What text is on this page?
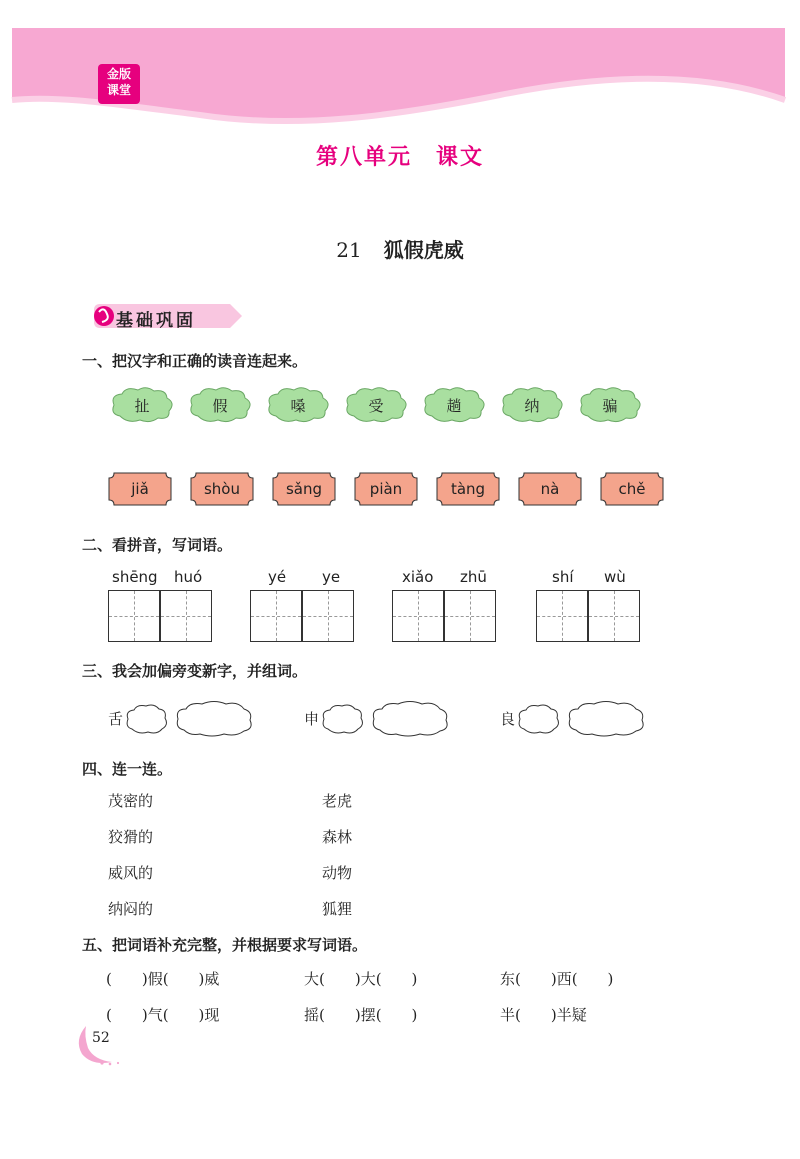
金版
课堂
第八单元　课文
21 狐假虎威
基础巩固
一、把汉字和正确的读音连起来。
扯	假	嗓	受	趟	纳	骗
jiǎ	shòu	sǎng	piàn	tàng	nà	chě
二、看拼音，写词语。
shēng huó	yé ye	xiǎo zhū	shí wù
三、我会加偏旁变新字，并组词。
舌	申	良
四、连一连。
茂密的
狡猾的
威风的
纳闷的
老虎
森林
动物
狐狸
五、把词语补充完整，并根据要求写词语。
(　　)假(　　)威	大(　　)大(　　)	东(　　)西(　　)
(　　)气(　　)现	摇(　　)摆(　　)	半(　　)半疑
52
